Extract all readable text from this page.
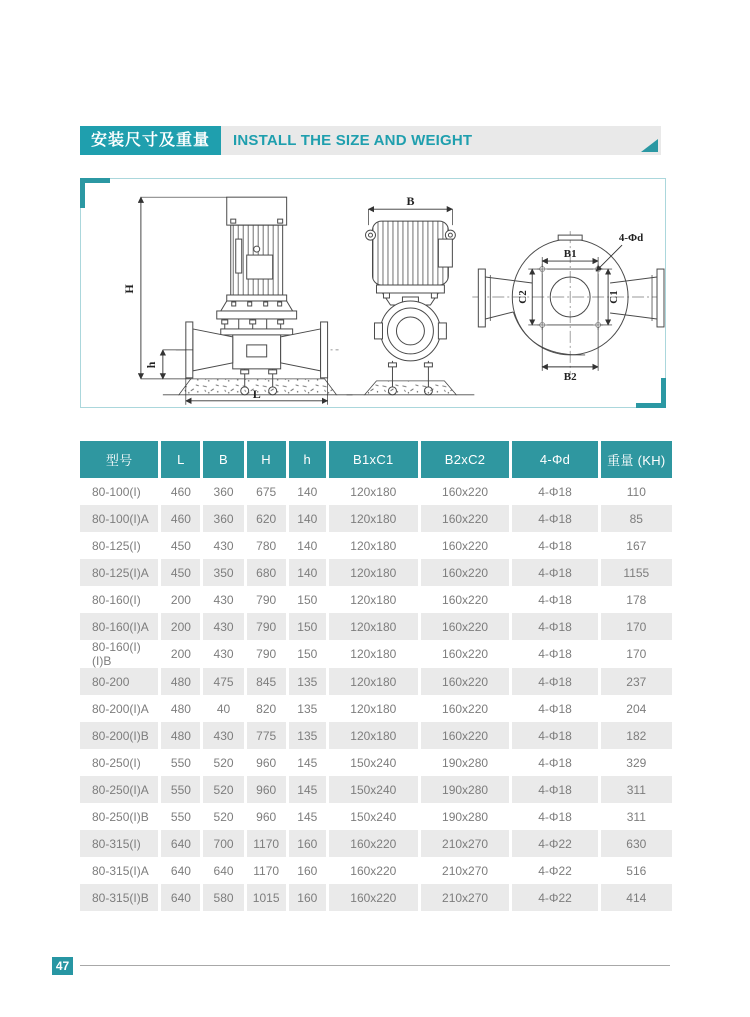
安装尺寸及重量	INSTALL THE SIZE AND WEIGHT
H
h
L
B
B1
B2
C2	C1
4-Φd
型号	L	B	H	h	B1xC1	B2xC2	4-Φd	重量 (KH)
80-100(I)	460	360	675	140	120x180	160x220	4-Φ18	110
80-100(I)A	460	360	620	140	120x180	160x220	4-Φ18	85
80-125(I)	450	430	780	140	120x180	160x220	4-Φ18	167
80-125(I)A	450	350	680	140	120x180	160x220	4-Φ18	1155
80-160(I)	200	430	790	150	120x180	160x220	4-Φ18	178
80-160(I)A	200	430	790	150	120x180	160x220	4-Φ18	170
80-160(I)(I)B	200	430	790	150	120x180	160x220	4-Φ18	170
80-200	480	475	845	135	120x180	160x220	4-Φ18	237
80-200(I)A	480	40	820	135	120x180	160x220	4-Φ18	204
80-200(I)B	480	430	775	135	120x180	160x220	4-Φ18	182
80-250(I)	550	520	960	145	150x240	190x280	4-Φ18	329
80-250(I)A	550	520	960	145	150x240	190x280	4-Φ18	311
80-250(I)B	550	520	960	145	150x240	190x280	4-Φ18	311
80-315(I)	640	700	1170	160	160x220	210x270	4-Φ22	630
80-315(I)A	640	640	1170	160	160x220	210x270	4-Φ22	516
80-315(I)B	640	580	1015	160	160x220	210x270	4-Φ22	414
47
